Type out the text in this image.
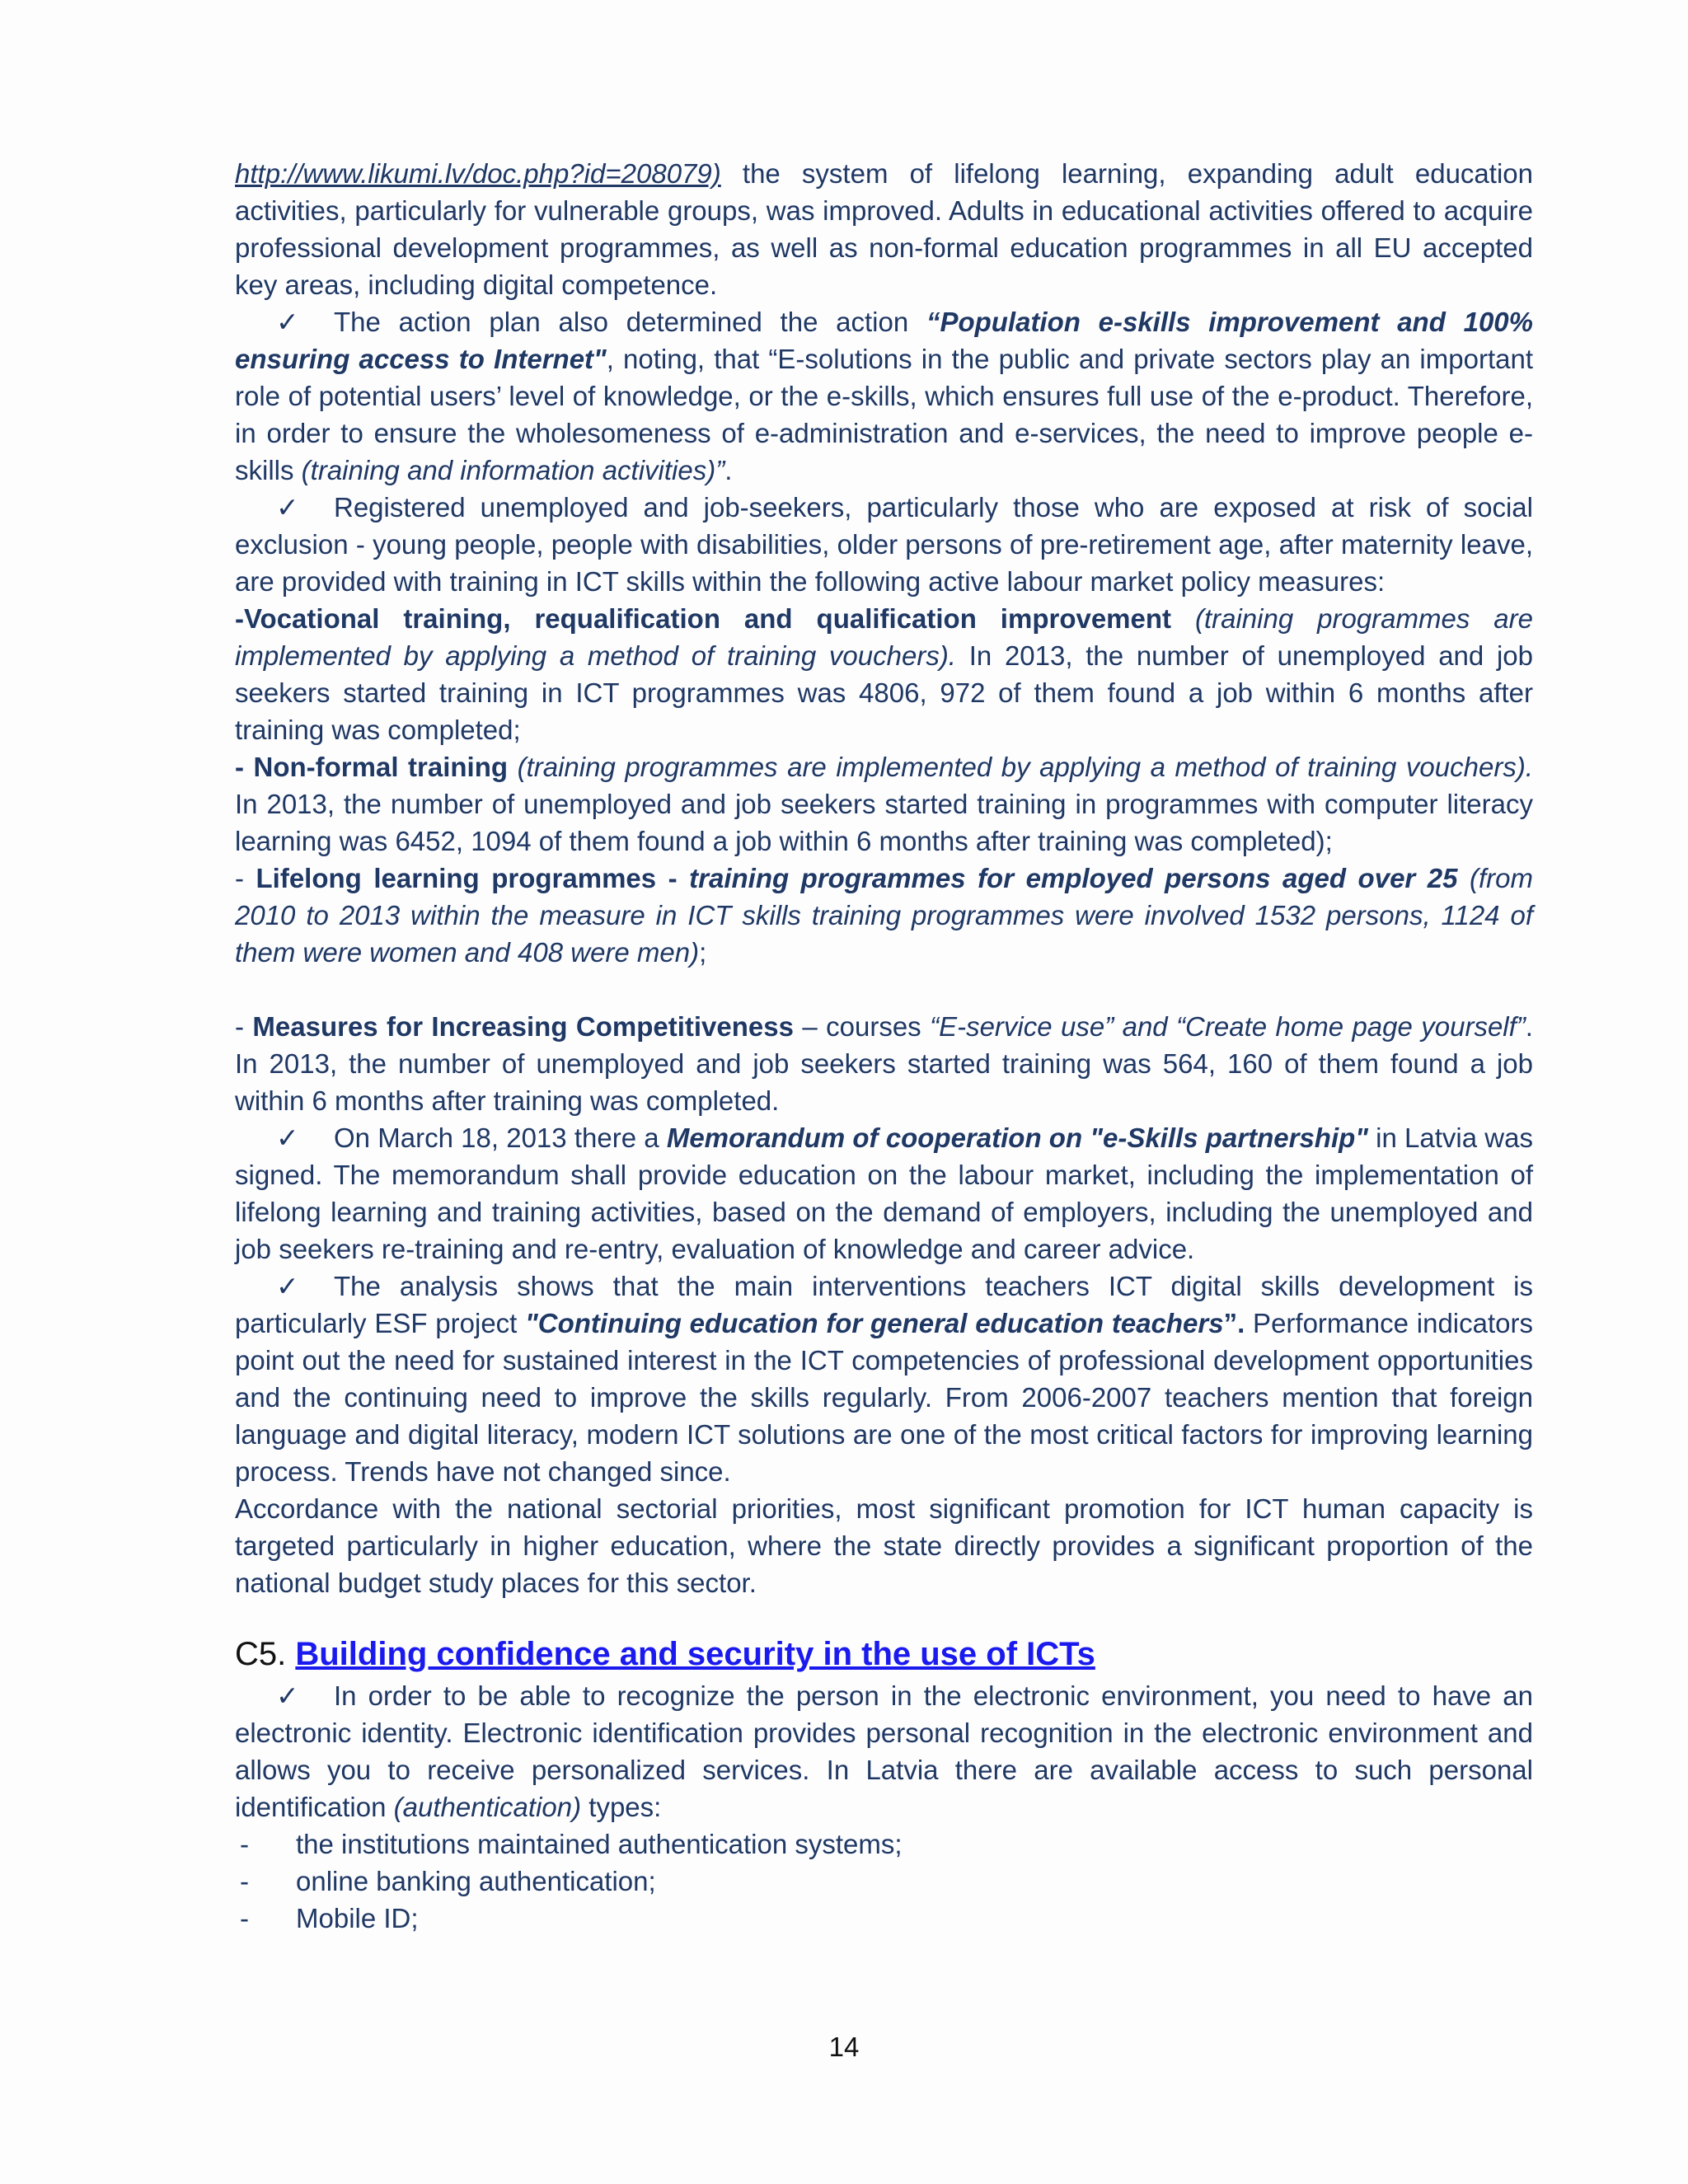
http://www.likumi.lv/doc.php?id=208079) the system of lifelong learning, expanding adult education activities, particularly for vulnerable groups, was improved. Adults in educational activities offered to acquire professional development programmes, as well as non-formal education programmes in all EU accepted key areas, including digital competence.

✓ The action plan also determined the action “Population e-skills improvement and 100% ensuring access to Internet", noting, that “E-solutions in the public and private sectors play an important role of potential users’ level of knowledge, or the e-skills, which ensures full use of the e-product. Therefore, in order to ensure the wholesomeness of e-administration and e-services, the need to improve people e-skills (training and information activities)”.

✓ Registered unemployed and job-seekers, particularly those who are exposed at risk of social exclusion - young people, people with disabilities, older persons of pre-retirement age, after maternity leave, are provided with training in ICT skills within the following active labour market policy measures:

-Vocational training, requalification and qualification improvement (training programmes are implemented by applying a method of training vouchers). In 2013, the number of unemployed and job seekers started training in ICT programmes was 4806, 972 of them found a job within 6 months after training was completed;

- Non-formal training (training programmes are implemented by applying a method of training vouchers). In 2013, the number of unemployed and job seekers started training in programmes with computer literacy learning was 6452, 1094 of them found a job within 6 months after training was completed);

- Lifelong learning programmes - training programmes for employed persons aged over 25 (from 2010 to 2013 within the measure in ICT skills training programmes were involved 1532 persons, 1124 of them were women and 408 were men);

- Measures for Increasing Competitiveness – courses “E-service use” and “Create home page yourself”. In 2013, the number of unemployed and job seekers started training was 564, 160 of them found a job within 6 months after training was completed.

✓ On March 18, 2013 there a Memorandum of cooperation on "e-Skills partnership" in Latvia was signed. The memorandum shall provide education on the labour market, including the implementation of lifelong learning and training activities, based on the demand of employers, including the unemployed and job seekers re-training and re-entry, evaluation of knowledge and career advice.

✓ The analysis shows that the main interventions teachers ICT digital skills development is particularly ESF project "Continuing education for general education teachers”. Performance indicators point out the need for sustained interest in the ICT competencies of professional development opportunities and the continuing need to improve the skills regularly. From 2006-2007 teachers mention that foreign language and digital literacy, modern ICT solutions are one of the most critical factors for improving learning process. Trends have not changed since.

Accordance with the national sectorial priorities, most significant promotion for ICT human capacity is targeted particularly in higher education, where the state directly provides a significant proportion of the national budget study places for this sector.

C5. Building confidence and security in the use of ICTs

✓ In order to be able to recognize the person in the electronic environment, you need to have an electronic identity. Electronic identification provides personal recognition in the electronic environment and allows you to receive personalized services. In Latvia there are available access to such personal identification (authentication) types:

-	the institutions maintained authentication systems;
-	online banking authentication;
-	Mobile ID;
14
